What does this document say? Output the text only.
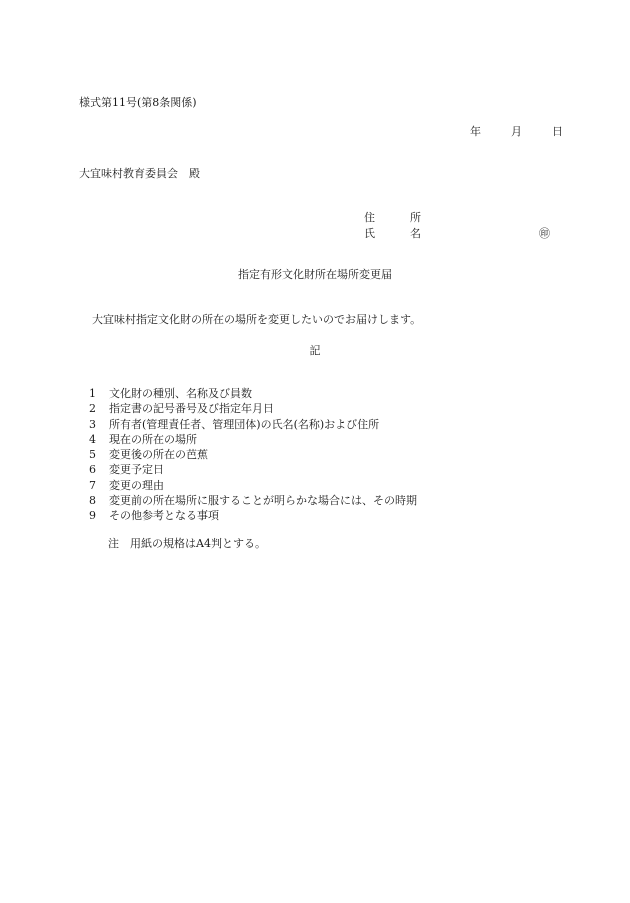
様式第11号(第8条関係)
年	月	日
大宜味村教育委員会　殿
住	所
氏	名	㊞
指定有形文化財所在場所変更届
大宜味村指定文化財の所在の場所を変更したいのでお届けします。
記
1 文化財の種別、名称及び員数
2 指定書の記号番号及び指定年月日
3 所有者(管理責任者、管理団体)の氏名(名称)および住所
4 現在の所在の場所
5 変更後の所在の芭蕉
6 変更予定日
7 変更の理由
8 変更前の所在場所に服することが明らかな場合には、その時期
9 その他参考となる事項
注　用紙の規格はA4判とする。
